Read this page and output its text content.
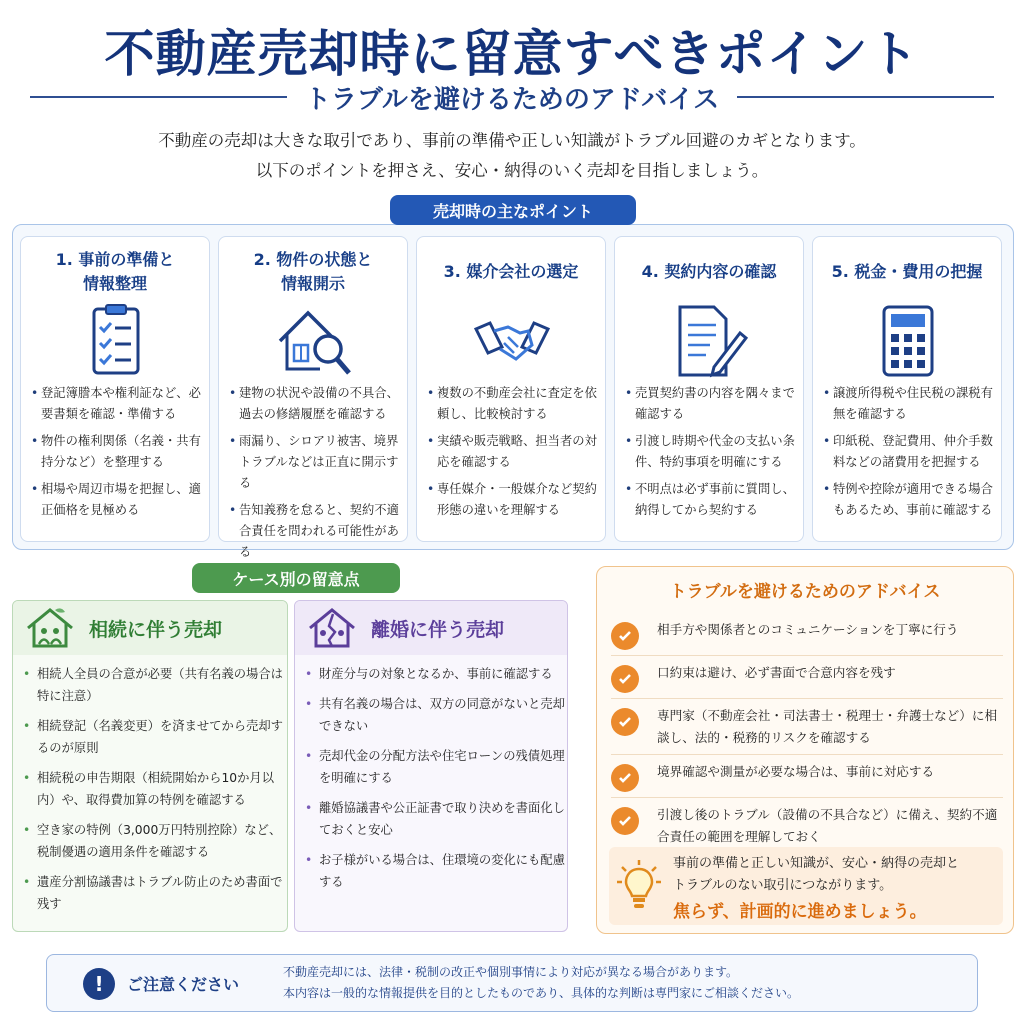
不動産売却時に留意すべきポイント
トラブルを避けるためのアドバイス
不動産の売却は大きな取引であり、事前の準備や正しい知識がトラブル回避のカギとなります。
以下のポイントを押さえ、安心・納得のいく売却を目指しましょう。
売却時の主なポイント
1. 事前の準備と
情報整理
• 登記簿謄本や権利証など、必要書類を確認・準備する
• 物件の権利関係（名義・共有持分など）を整理する
• 相場や周辺市場を把握し、適正価格を見極める
2. 物件の状態と
情報開示
• 建物の状況や設備の不具合、過去の修繕履歴を確認する
• 雨漏り、シロアリ被害、境界トラブルなどは正直に開示する
• 告知義務を怠ると、契約不適合責任を問われる可能性がある
3. 媒介会社の選定
• 複数の不動産会社に査定を依頼し、比較検討する
• 実績や販売戦略、担当者の対応を確認する
• 専任媒介・一般媒介など契約形態の違いを理解する
4. 契約内容の確認
• 売買契約書の内容を隅々まで確認する
• 引渡し時期や代金の支払い条件、特約事項を明確にする
• 不明点は必ず事前に質問し、納得してから契約する
5. 税金・費用の把握
• 譲渡所得税や住民税の課税有無を確認する
• 印紙税、登記費用、仲介手数料などの諸費用を把握する
• 特例や控除が適用できる場合もあるため、事前に確認する
ケース別の留意点
相続に伴う売却
• 相続人全員の合意が必要（共有名義の場合は特に注意）
• 相続登記（名義変更）を済ませてから売却するのが原則
• 相続税の申告期限（相続開始から10か月以内）や、取得費加算の特例を確認する
• 空き家の特例（3,000万円特別控除）など、税制優遇の適用条件を確認する
• 遺産分割協議書はトラブル防止のため書面で残す
離婚に伴う売却
• 財産分与の対象となるか、事前に確認する
• 共有名義の場合は、双方の同意がないと売却できない
• 売却代金の分配方法や住宅ローンの残債処理を明確にする
• 離婚協議書や公正証書で取り決めを書面化しておくと安心
• お子様がいる場合は、住環境の変化にも配慮する
トラブルを避けるためのアドバイス
相手方や関係者とのコミュニケーションを丁寧に行う
口約束は避け、必ず書面で合意内容を残す
専門家（不動産会社・司法書士・税理士・弁護士など）に相談し、法的・税務的リスクを確認する
境界確認や測量が必要な場合は、事前に対応する
引渡し後のトラブル（設備の不具合など）に備え、契約不適合責任の範囲を理解しておく
事前の準備と正しい知識が、安心・納得の売却と
トラブルのない取引につながります。
焦らず、計画的に進めましょう。
!	ご注意ください
不動産売却には、法律・税制の改正や個別事情により対応が異なる場合があります。
本内容は一般的な情報提供を目的としたものであり、具体的な判断は専門家にご相談ください。
